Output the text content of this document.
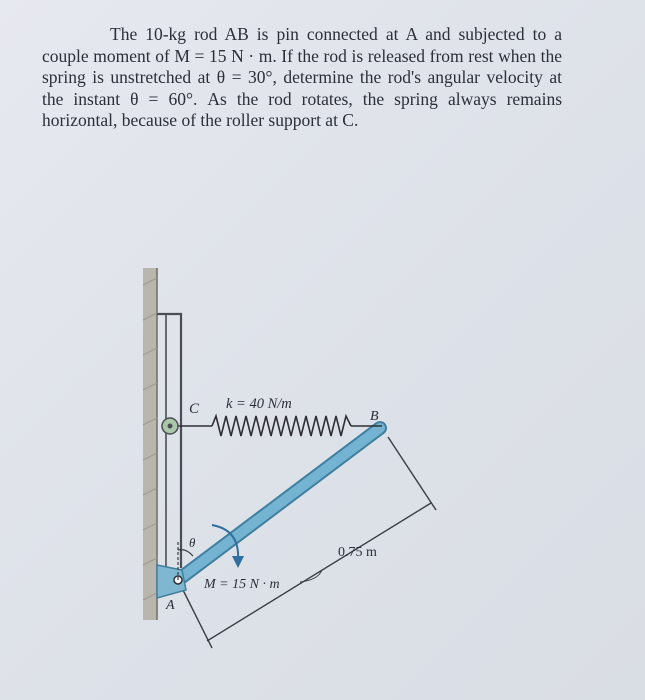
The 10-kg rod AB is pin connected at A and subjected to a couple moment of M = 15 N · m. If the rod is released from rest when the spring is unstretched at θ = 30°, determine the rod's angular velocity at the instant θ = 60°. As the rod rotates, the spring always remains horizontal, because of the roller support at C.

k = 40 N/m
C	B
θ
0.75 m
M = 15 N · m
A
